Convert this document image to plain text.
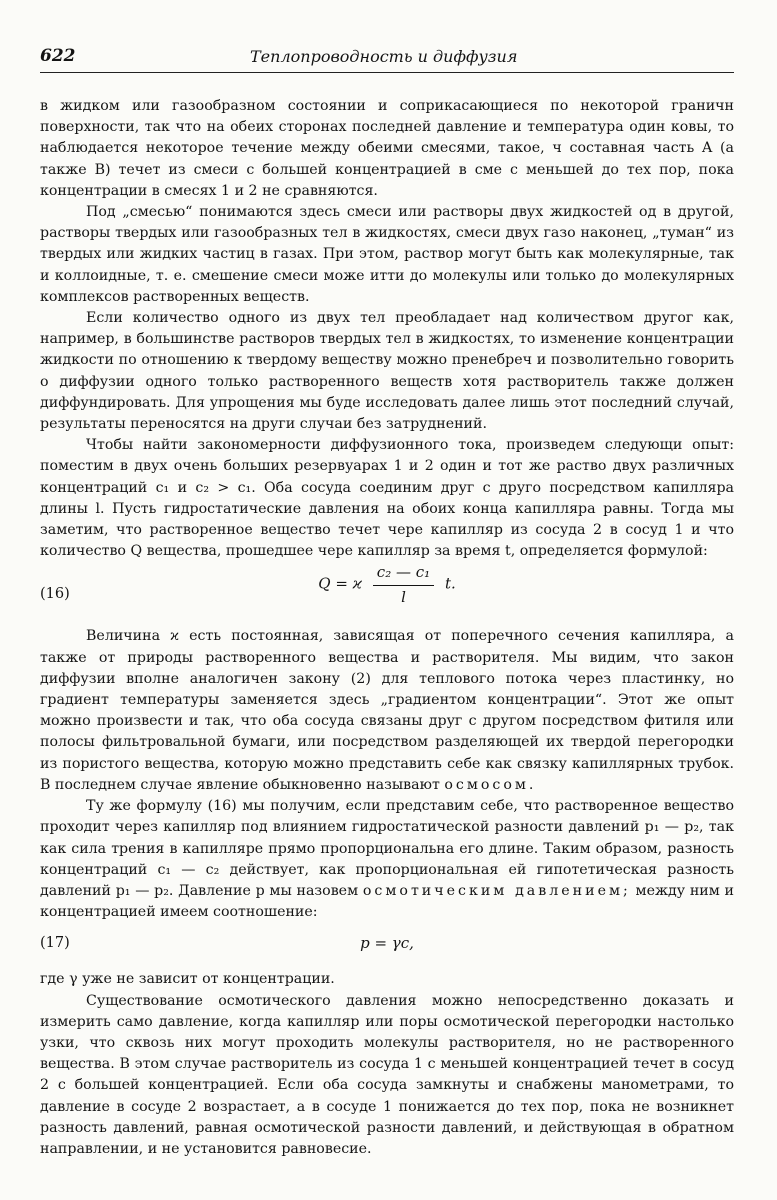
622	Теплопроводность и диффузия

в жидком или газообразном состоянии и соприкасающиеся по некоторой граничн поверхности, так что на обеих сторонах последней давление и температура один ковы, то наблюдается некоторое течение между обеими смесями, такое, ч составная часть A (а также B) течет из смеси с большей концентрацией в сме с меньшей до тех пор, пока концентрации в смесях 1 и 2 не сравняются.

Под „смесью“ понимаются здесь смеси или растворы двух жидкостей од в другой, растворы твердых или газообразных тел в жидкостях, смеси двух газо наконец, „туман“ из твердых или жидких частиц в газах. При этом, раствор могут быть как молекулярные, так и коллоидные, т. е. смешение смеси може итти до молекулы или только до молекулярных комплексов растворенных веществ.

Если количество одного из двух тел преобладает над количеством другог как, например, в большинстве растворов твердых тел в жидкостях, то изменение концентрации жидкости по отношению к твердому веществу можно пренебреч и позволительно говорить о диффузии одного только растворенного веществ хотя растворитель также должен диффундировать. Для упрощения мы буде исследовать далее лишь этот последний случай, результаты переносятся на други случаи без затруднений.

Чтобы найти закономерности диффузионного тока, произведем следующи опыт: поместим в двух очень больших резервуарах 1 и 2 один и тот же раство двух различных концентраций c₁ и c₂ > c₁. Оба сосуда соединим друг с друго посредством капилляра длины l. Пусть гидростатические давления на обоих конца капилляра равны. Тогда мы заметим, что растворенное вещество течет чере капилляр из сосуда 2 в сосуд 1 и что количество Q вещества, прошедшее чере капилляр за время t, определяется формулой:

(16)
Q = ϰ $\frac{\text{c₂ — c₁}}{l} t$.

Величина ϰ есть постоянная, зависящая от поперечного сечения капилляра, а также от природы растворенного вещества и растворителя. Мы видим, что закон диффузии вполне аналогичен закону (2) для теплового потока через пластинку, но градиент температуры заменяется здесь „градиентом концентрации“. Этот же опыт можно произвести и так, что оба сосуда связаны друг с другом посредством фитиля или полосы фильтровальной бумаги, или посредством разделяющей их твердой перегородки из пористого вещества, которую можно представить себе как связку капиллярных трубок. В последнем случае явление обыкновенно называют осмосом.

Ту же формулу (16) мы получим, если представим себе, что растворенное вещество проходит через капилляр под влиянием гидростатической разности давлений p₁ — p₂, так как сила трения в капилляре прямо пропорциональна его длине. Таким образом, разность концентраций c₁ — c₂ действует, как пропорциональная ей гипотетическая разность давлений p₁ — p₂. Давление p мы назовем осмотическим давлением; между ним и концентрацией имеем соотношение:

(17)	p = γc,

где γ уже не зависит от концентрации.

Существование осмотического давления можно непосредственно доказать и измерить само давление, когда капилляр или поры осмотической перегородки настолько узки, что сквозь них могут проходить молекулы растворителя, но не растворенного вещества. В этом случае растворитель из сосуда 1 с меньшей концентрацией течет в сосуд 2 с большей концентрацией. Если оба сосуда замкнуты и снабжены манометрами, то давление в сосуде 2 возрастает, а в сосуде 1 понижается до тех пор, пока не возникнет разность давлений, равная осмотической разности давлений, и действующая в обратном направлении, и не установится равновесие.
